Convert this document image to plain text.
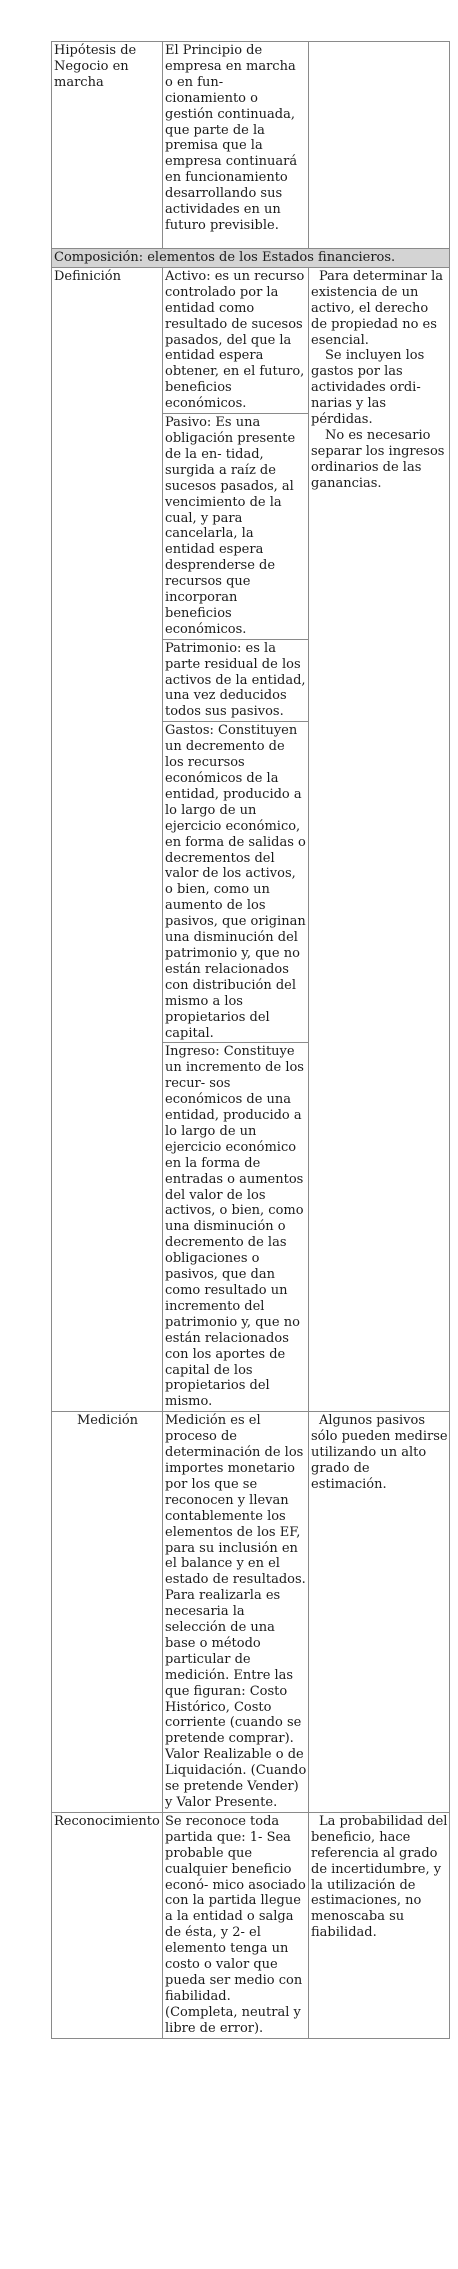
Hipótesis de Negocio en marcha	El Principio de empresa en marcha o en fun- cionamiento o gestión continuada, que parte de la premisa que la empresa continuará en funcionamiento desarrollando sus actividades en un futuro previsible.	
Composición: elementos de los Estados financieros.		
Definición	Activo: es un recurso controlado por la entidad como resultado de sucesos pasados, del que la entidad espera obtener, en el futuro, beneficios económicos.	Para determinar la existencia de un activo, el derecho de propiedad no es esencial.
Se incluyen los gastos por las actividades ordi- narias y las pérdidas.
No es necesario separar los ingresos ordinarios de las ganancias.

	Pasivo: Es una obligación presente de la en- tidad, surgida a raíz de sucesos pasados, al vencimiento de la cual, y para cancelarla, la entidad espera desprenderse de recursos que incorporan beneficios económicos.	
	Patrimonio: es la parte residual de los activos de la entidad, una vez deducidos todos sus pasivos.	
	Gastos: Constituyen un decremento de los recursos económicos de la entidad, producido a lo largo de un ejercicio económico, en forma de salidas o decrementos del valor de los activos, o bien, como un aumento de los pasivos, que originan una disminución del patrimonio y, que no están relacionados con distribución del mismo a los propietarios del capital.	
	Ingreso: Constituye un incremento de los recur- sos económicos de una entidad, producido a lo largo de un ejercicio económico en la forma de entradas o aumentos del valor de los activos, o bien, como una disminución o decremento de las obligaciones o pasivos, que dan como resultado un incremento del patrimonio y, que no están relacionados con los aportes de capital de los propietarios del mismo.	
Medición	Medición es el proceso de determinación de los importes monetario por los que se reconocen y llevan contablemente los elementos de los EF, para su inclusión en el balance y en el estado de resultados. Para realizarla es necesaria la selección de una base o método particular de medición. Entre las que figuran: Costo Histórico, Costo corriente (cuando se pretende comprar). Valor Realizable o de Liquidación. (Cuando se pretende Vender) y Valor Presente.	Algunos pasivos sólo pueden medirse utilizando un alto grado de estimación.
Reconocimiento	Se reconoce toda partida que: 1- Sea probable que cualquier beneficio econó- mico asociado con la partida llegue a la entidad o salga de ésta, y 2- el elemento tenga un costo o valor que pueda ser medio con fiabilidad. (Completa, neutral y libre de error).	La probabilidad del beneficio, hace referencia al grado de incertidumbre, y la utilización de estimaciones, no menoscaba su fiabilidad.
